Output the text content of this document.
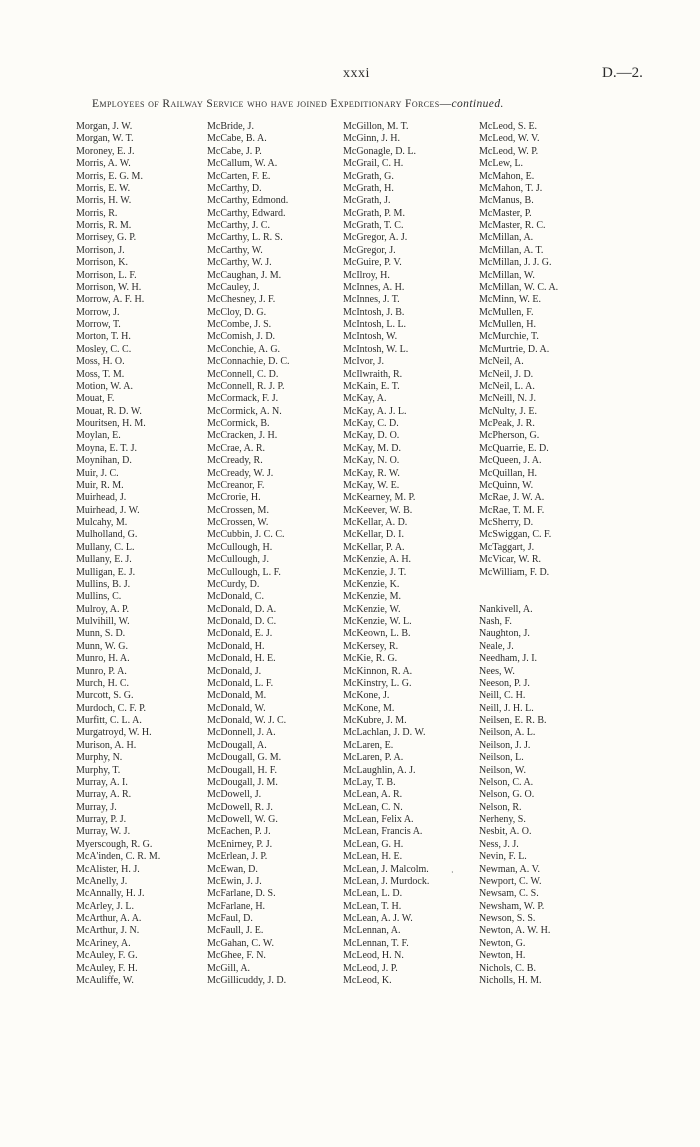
xxxi	D.—2.
Employees of Railway Service who have joined Expeditionary Forces—continued.
Morgan, J. W.
Morgan, W. T.
Moroney, E. J.
Morris, A. W.
Morris, E. G. M.
Morris, E. W.
Morris, H. W.
Morris, R.
Morris, R. M.
Morrisey, G. P.
Morrison, J.
Morrison, K.
Morrison, L. F.
Morrison, W. H.
Morrow, A. F. H.
Morrow, J.
Morrow, T.
Morton, T. H.
Mosley, C. C.
Moss, H. O.
Moss, T. M.
Motion, W. A.
Mouat, F.
Mouat, R. D. W.
Mouritsen, H. M.
Moylan, E.
Moyna, E. T. J.
Moynihan, D.
Muir, J. C.
Muir, R. M.
Muirhead, J.
Muirhead, J. W.
Mulcahy, M.
Mulholland, G.
Mullany, C. L.
Mullany, E. J.
Mulligan, E. J.
Mullins, B. J.
Mullins, C.
Mulroy, A. P.
Mulvihill, W.
Munn, S. D.
Munn, W. G.
Munro, H. A.
Munro, P. A.
Murch, H. C.
Murcott, S. G.
Murdoch, C. F. P.
Murfitt, C. L. A.
Murgatroyd, W. H.
Murison, A. H.
Murphy, N.
Murphy, T.
Murray, A. I.
Murray, A. R.
Murray, J.
Murray, P. J.
Murray, W. J.
Myerscough, R. G.
McA'inden, C. R. M.
McAlister, H. J.
McAnelly, J.
McAnnally, H. J.
McArley, J. L.
McArthur, A. A.
McArthur, J. N.
McAriney, A.
McAuley, F. G.
McAuley, F. H.
McAuliffe, W.
McBride, J.
McCabe, B. A.
McCabe, J. P.
McCallum, W. A.
McCarten, F. E.
McCarthy, D.
McCarthy, Edmond.
McCarthy, Edward.
McCarthy, J. C.
McCarthy, L. R. S.
McCarthy, W.
McCarthy, W. J.
McCaughan, J. M.
McCauley, J.
McChesney, J. F.
McCloy, D. G.
McCombe, J. S.
McComish, J. D.
McConchie, A. G.
McConnachie, D. C.
McConnell, C. D.
McConnell, R. J. P.
McCormack, F. J.
McCormick, A. N.
McCormick, B.
McCracken, J. H.
McCrae, A. R.
McCready, R.
McCready, W. J.
McCreanor, F.
McCrorie, H.
McCrossen, M.
McCrossen, W.
McCubbin, J. C. C.
McCullough, H.
McCullough, J.
McCullough, L. F.
McCurdy, D.
McDonald, C.
McDonald, D. A.
McDonald, D. C.
McDonald, E. J.
McDonald, H.
McDonald, H. E.
McDonald, J.
McDonald, L. F.
McDonald, M.
McDonald, W.
McDonald, W. J. C.
McDonnell, J. A.
McDougall, A.
McDougall, G. M.
McDougall, H. F.
McDougall, J. M.
McDowell, J.
McDowell, R. J.
McDowell, W. G.
McEachen, P. J.
McEnirney, P. J.
McErlean, J. P.
McEwan, D.
McEwin, J. J.
McFarlane, D. S.
McFarlane, H.
McFaul, D.
McFaull, J. E.
McGahan, C. W.
McGhee, F. N.
McGill, A.
McGillicuddy, J. D.
McGillon, M. T.
McGinn, J. H.
McGonagle, D. L.
McGrail, C. H.
McGrath, G.
McGrath, H.
McGrath, J.
McGrath, P. M.
McGrath, T. C.
McGregor, A. J.
McGregor, J.
McGuire, P. V.
McIlroy, H.
McInnes, A. H.
McInnes, J. T.
McIntosh, J. B.
McIntosh, L. L.
McIntosh, W.
McIntosh, W. L.
McIvor, J.
McIlwraith, R.
McKain, E. T.
McKay, A.
McKay, A. J. L.
McKay, C. D.
McKay, D. O.
McKay, M. D.
McKay, N. O.
McKay, R. W.
McKay, W. E.
McKearney, M. P.
McKeever, W. B.
McKellar, A. D.
McKellar, D. I.
McKellar, P. A.
McKenzie, A. H.
McKenzie, J. T.
McKenzie, K.
McKenzie, M.
McKenzie, W.
McKenzie, W. L.
McKeown, L. B.
McKersey, R.
McKie, R. G.
McKinnon, R. A.
McKinstry, L. G.
McKone, J.
McKone, M.
McKubre, J. M.
McLachlan, J. D. W.
McLaren, E.
McLaren, P. A.
McLaughlin, A. J.
McLay, T. B.
McLean, A. R.
McLean, C. N.
McLean, Felix A.
McLean, Francis A.
McLean, G. H.
McLean, H. E.
McLean, J. Malcolm.
McLean, J. Murdock.
McLean, L. D.
McLean, T. H.
McLean, A. J. W.
McLennan, A.
McLennan, T. F.
McLeod, H. N.
McLeod, J. P.
McLeod, K.
McLeod, S. E.
McLeod, W. V.
McLeod, W. P.
McLew, L.
McMahon, E.
McMahon, T. J.
McManus, B.
McMaster, P.
McMaster, R. C.
McMillan, A.
McMillan, A. T.
McMillan, J. J. G.
McMillan, W.
McMillan, W. C. A.
McMinn, W. E.
McMullen, F.
McMullen, H.
McMurchie, T.
McMurtrie, D. A.
McNeil, A.
McNeil, J. D.
McNeil, L. A.
McNeill, N. J.
McNulty, J. E.
McPeak, J. R.
McPherson, G.
McQuarrie, E. D.
McQueen, J. A.
McQuillan, H.
McQuinn, W.
McRae, J. W. A.
McRae, T. M. F.
McSherry, D.
McSwiggan, C. F.
McTaggart, J.
McVicar, W. R.
McWilliam, F. D.
Nankivell, A.
Nash, F.
Naughton, J.
Neale, J.
Needham, J. I.
Nees, W.
Neeson, P. J.
Neill, C. H.
Neill, J. H. L.
Neilsen, E. R. B.
Neilson, A. L.
Neilson, J. J.
Neilson, L.
Neilson, W.
Nelson, C. A.
Nelson, G. O.
Nelson, R.
Nerheny, S.
Nesbit, A. O.
Ness, J. J.
Nevin, F. L.
Newman, A. V.
Newport, C. W.
Newsam, C. S.
Newsham, W. P.
Newson, S. S.
Newton, A. W. H.
Newton, G.
Newton, H.
Nichols, C. B.
Nicholls, H. M.
·
